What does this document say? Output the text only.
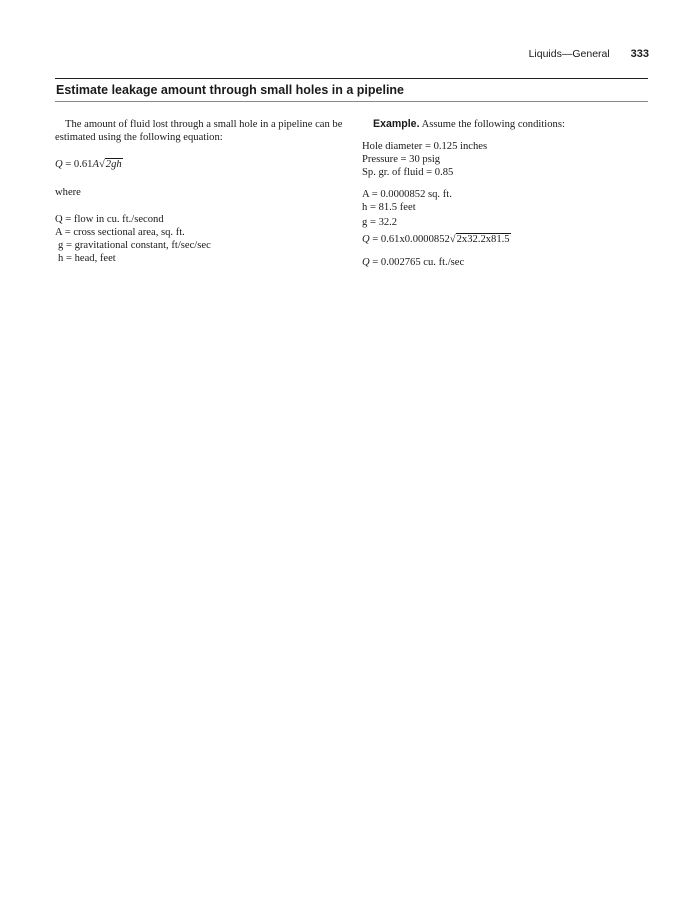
Liquids—General 333
Estimate leakage amount through small holes in a pipeline

The amount of fluid lost through a small hole in a pipeline can be estimated using the following equation:

Q = 0.61A√2gh
where
Q = flow in cu. ft./second
A = cross sectional area, sq. ft.
g = gravitational constant, ft/sec/sec
h = head, feet
Example. Assume the following conditions:
Hole diameter = 0.125 inches
Pressure = 30 psig
Sp. gr. of fluid = 0.85
A = 0.0000852 sq. ft.
h = 81.5 feet
g = 32.2
Q = 0.61x0.0000852√2x32.2x81.5
Q = 0.002765 cu. ft./sec
